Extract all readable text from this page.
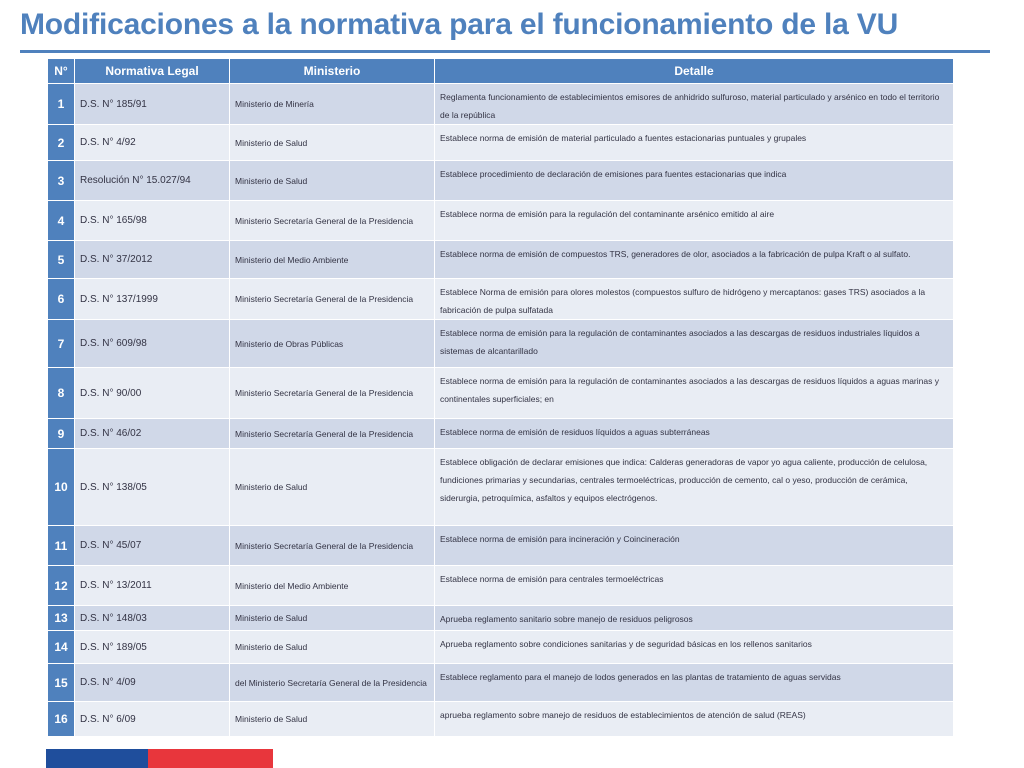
Modificaciones a la normativa para el funcionamiento de la VU
N°	Normativa Legal	Ministerio	Detalle
1	D.S. N° 185/91	Ministerio de Minería	Reglamenta funcionamiento de establecimientos emisores de anhidrido sulfuroso, material particulado y arsénico en todo el territorio de la república
2	D.S. N° 4/92	Ministerio de Salud	Establece norma de emisión de material particulado a fuentes estacionarias puntuales y grupales
3	Resolución N° 15.027/94	Ministerio de Salud	Establece procedimiento de declaración de emisiones para fuentes estacionarias que indica
4	D.S. N° 165/98	Ministerio Secretaría General de la Presidencia	Establece norma de emisión para la regulación del contaminante arsénico emitido al aire
5	D.S. N° 37/2012	Ministerio del Medio Ambiente	Establece norma de emisión de compuestos TRS, generadores de olor, asociados a la fabricación de pulpa Kraft o al sulfato.
6	D.S. N° 137/1999	Ministerio Secretaría General de la Presidencia	Establece Norma de emisión para olores molestos (compuestos sulfuro de hidrógeno y mercaptanos: gases TRS) asociados a la fabricación de pulpa sulfatada
7	D.S. N° 609/98	Ministerio de Obras Públicas	Establece norma de emisión para la regulación de contaminantes asociados a las descargas de residuos industriales líquidos a sistemas de alcantarillado
8	D.S. N° 90/00	Ministerio Secretaría General de la Presidencia	Establece norma de emisión para la regulación de contaminantes asociados a las descargas de residuos líquidos a aguas marinas y continentales superficiales; en
9	D.S. N° 46/02	Ministerio Secretaría General de la Presidencia	Establece norma de emisión de residuos líquidos a aguas subterráneas
10	D.S. N° 138/05	Ministerio de Salud	Establece obligación de declarar emisiones que indica: Calderas generadoras de vapor yo agua caliente, producción de celulosa, fundiciones primarias y secundarias, centrales termoeléctricas, producción de cemento, cal o yeso, producción de cerámica, siderurgia, petroquímica, asfaltos y equipos electrógenos.
11	D.S. N° 45/07	Ministerio Secretaría General de la Presidencia	Establece norma de emisión para incineración y Coincineración
12	D.S. N° 13/2011	Ministerio del Medio Ambiente	Establece norma de emisión para centrales termoeléctricas
13	D.S. N° 148/03	Ministerio de Salud	Aprueba reglamento sanitario sobre manejo de residuos peligrosos
14	D.S. N° 189/05	Ministerio de Salud	Aprueba reglamento sobre condiciones sanitarias y de seguridad básicas en los rellenos sanitarios
15	D.S. N° 4/09	del Ministerio Secretaría General de la Presidencia	Establece reglamento para el manejo de lodos generados en las plantas de tratamiento de aguas servidas
16	D.S. N° 6/09	Ministerio de Salud	aprueba reglamento sobre manejo de residuos de establecimientos de atención de salud (REAS)
